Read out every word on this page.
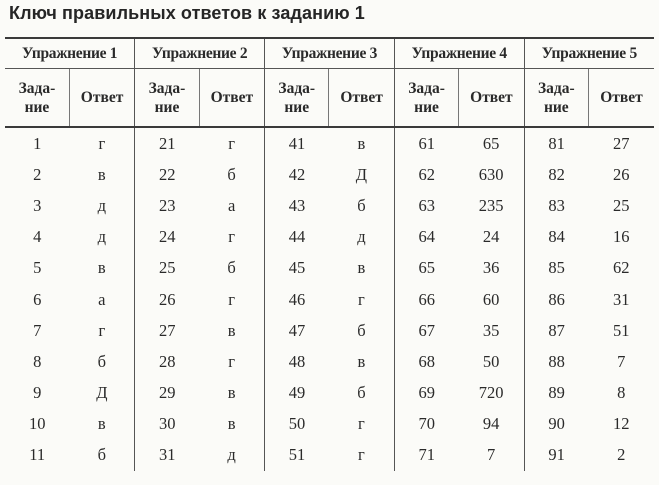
Ключ правильных ответов к заданию 1
Упражнение 1		Упражнение 2		Упражнение 3		Упражнение 4		Упражнение 5	
Зада-
ние	Ответ	Зада-
ние	Ответ	Зада-
ние	Ответ	Зада-
ние	Ответ	Зада-
ние	Ответ
1	г	21	г	41	в	61	65	81	27
2	в	22	б	42	Д	62	630	82	26
3	д	23	а	43	б	63	235	83	25
4	д	24	г	44	д	64	24	84	16
5	в	25	б	45	в	65	36	85	62
6	а	26	г	46	г	66	60	86	31
7	г	27	в	47	б	67	35	87	51
8	б	28	г	48	в	68	50	88	7
9	Д	29	в	49	б	69	720	89	8
10	в	30	в	50	г	70	94	90	12
11	б	31	д	51	г	71	7	91	2
